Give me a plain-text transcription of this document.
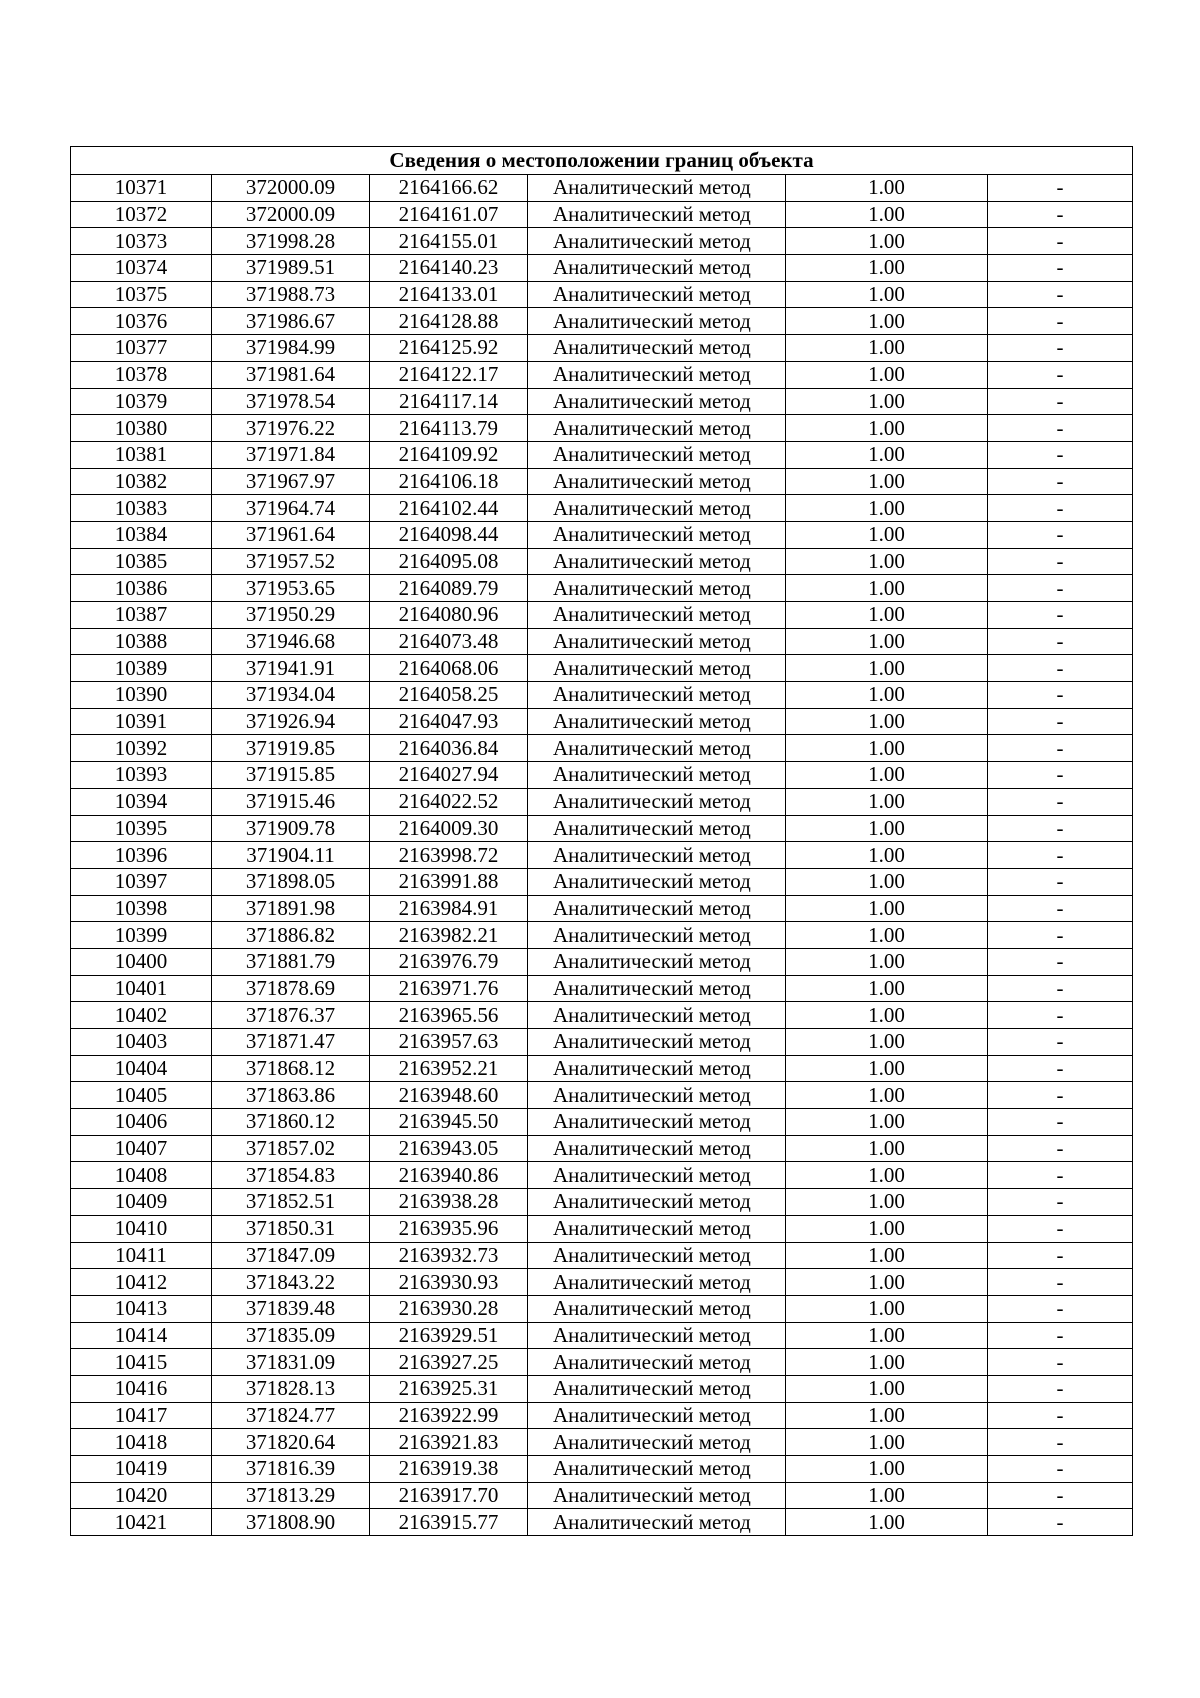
Сведения о местоположении границ объекта					
10371	372000.09	2164166.62	Аналитический метод	1.00	-
10372	372000.09	2164161.07	Аналитический метод	1.00	-
10373	371998.28	2164155.01	Аналитический метод	1.00	-
10374	371989.51	2164140.23	Аналитический метод	1.00	-
10375	371988.73	2164133.01	Аналитический метод	1.00	-
10376	371986.67	2164128.88	Аналитический метод	1.00	-
10377	371984.99	2164125.92	Аналитический метод	1.00	-
10378	371981.64	2164122.17	Аналитический метод	1.00	-
10379	371978.54	2164117.14	Аналитический метод	1.00	-
10380	371976.22	2164113.79	Аналитический метод	1.00	-
10381	371971.84	2164109.92	Аналитический метод	1.00	-
10382	371967.97	2164106.18	Аналитический метод	1.00	-
10383	371964.74	2164102.44	Аналитический метод	1.00	-
10384	371961.64	2164098.44	Аналитический метод	1.00	-
10385	371957.52	2164095.08	Аналитический метод	1.00	-
10386	371953.65	2164089.79	Аналитический метод	1.00	-
10387	371950.29	2164080.96	Аналитический метод	1.00	-
10388	371946.68	2164073.48	Аналитический метод	1.00	-
10389	371941.91	2164068.06	Аналитический метод	1.00	-
10390	371934.04	2164058.25	Аналитический метод	1.00	-
10391	371926.94	2164047.93	Аналитический метод	1.00	-
10392	371919.85	2164036.84	Аналитический метод	1.00	-
10393	371915.85	2164027.94	Аналитический метод	1.00	-
10394	371915.46	2164022.52	Аналитический метод	1.00	-
10395	371909.78	2164009.30	Аналитический метод	1.00	-
10396	371904.11	2163998.72	Аналитический метод	1.00	-
10397	371898.05	2163991.88	Аналитический метод	1.00	-
10398	371891.98	2163984.91	Аналитический метод	1.00	-
10399	371886.82	2163982.21	Аналитический метод	1.00	-
10400	371881.79	2163976.79	Аналитический метод	1.00	-
10401	371878.69	2163971.76	Аналитический метод	1.00	-
10402	371876.37	2163965.56	Аналитический метод	1.00	-
10403	371871.47	2163957.63	Аналитический метод	1.00	-
10404	371868.12	2163952.21	Аналитический метод	1.00	-
10405	371863.86	2163948.60	Аналитический метод	1.00	-
10406	371860.12	2163945.50	Аналитический метод	1.00	-
10407	371857.02	2163943.05	Аналитический метод	1.00	-
10408	371854.83	2163940.86	Аналитический метод	1.00	-
10409	371852.51	2163938.28	Аналитический метод	1.00	-
10410	371850.31	2163935.96	Аналитический метод	1.00	-
10411	371847.09	2163932.73	Аналитический метод	1.00	-
10412	371843.22	2163930.93	Аналитический метод	1.00	-
10413	371839.48	2163930.28	Аналитический метод	1.00	-
10414	371835.09	2163929.51	Аналитический метод	1.00	-
10415	371831.09	2163927.25	Аналитический метод	1.00	-
10416	371828.13	2163925.31	Аналитический метод	1.00	-
10417	371824.77	2163922.99	Аналитический метод	1.00	-
10418	371820.64	2163921.83	Аналитический метод	1.00	-
10419	371816.39	2163919.38	Аналитический метод	1.00	-
10420	371813.29	2163917.70	Аналитический метод	1.00	-
10421	371808.90	2163915.77	Аналитический метод	1.00	-
